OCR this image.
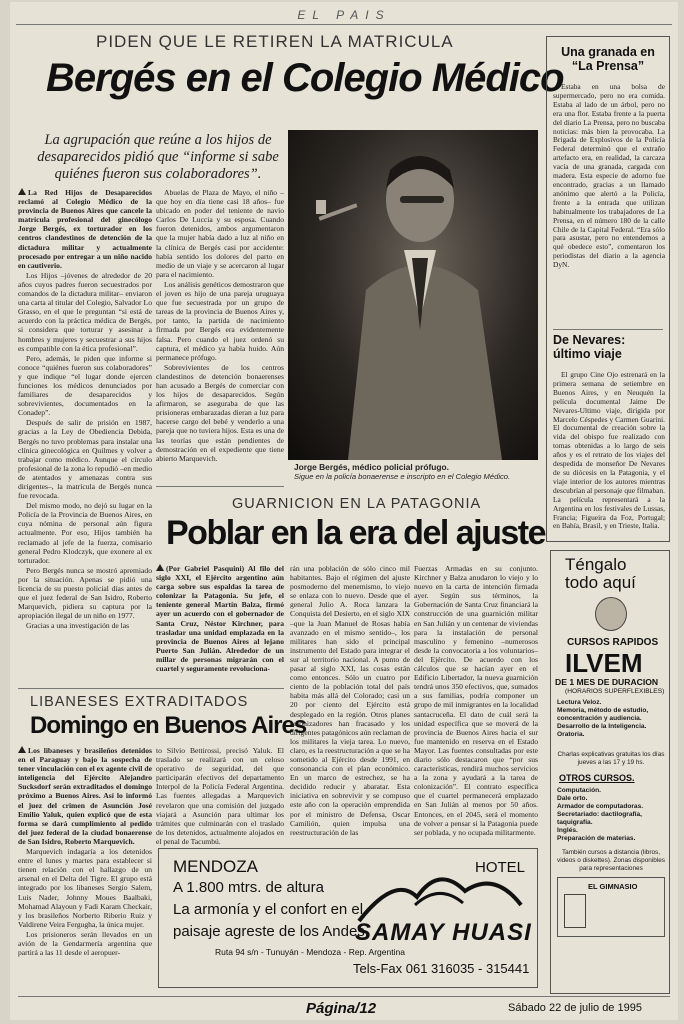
EL PAIS
PIDEN QUE LE RETIREN LA MATRICULA
Bergés en el Colegio Médico
La agrupación que reúne a los hijos de desaparecidos pidió que “informe si sabe quiénes fueron sus colaboradores”.

La Red Hijos de Desaparecidos reclamó al Colegio Médico de la provincia de Buenos Aires que cancele la matrícula profesional del ginecólogo Jorge Bergés, ex torturador en los centros clandestinos de detención de la dictadura militar y actualmente procesado por entregar a un niño nacido en cautiverio.

Los Hijos –jóvenes de alrededor de 20 años cuyos padres fueron secuestrados por comandos de la dictadura militar– enviaron una carta al titular del Colegio, Salvador Lo Grasso, en el que le preguntan “si está de acuerdo con la práctica médica de Bergés, si considera que torturar y asesinar a hombres y mujeres y secuestrar a sus hijos es compatible con la ética profesional”.

Pero, además, le piden que informe si conoce “quiénes fueron sus colaboradores” y que indique “el lugar donde ejercen funciones los médicos denunciados por familiares de desaparecidos y sobrevivientes, documentados en la Conadep”.

Después de salir de prisión en 1987, gracias a la Ley de Obediencia Debida, Bergés no tuvo problemas para instalar una clínica ginecológica en Quilmes y volver a trabajar como médico. Aunque el círculo profesional de la zona lo repudió –en medio de atentados y amenazas contra sus dirigentes–, la matrícula de Bergés nunca fue revocada.

Del mismo modo, no dejó su lugar en la Policía de la Provincia de Buenos Aires, en cuya nómina de personal aún figura actualmente. Por eso, Hijos también ha reclamado al jefe de la fuerza, comisario general Pedro Klodczyk, que exonere al ex torturador.

Pero Bergés nunca se mostró apremiado por la situación. Apenas se pidió una licencia de su puesto policial días antes de que el juez federal de San Isidro, Roberto Marquevich, pidiera su captura por la apropiación ilegal de un niño en 1977.

Gracias a una investigación de las

Abuelas de Plaza de Mayo, el niño –que hoy en día tiene casi 18 años– fue ubicado en poder del teniente de navío Carlos De Luccia y su esposa. Cuando fueron detenidos, ambos argumentaron que la mujer había dado a luz al niño en la clínica de Bergés casi por accidente: había sentido los dolores del parto en medio de un viaje y se acercaron al lugar para el nacimiento.

Los análisis genéticos demostraron que el joven es hijo de una pareja uruguaya que fue secuestrada por un grupo de tareas de la provincia de Buenos Aires y, por tanto, la partida de nacimiento firmada por Bergés era evidentemente falsa. Pero cuando el juez ordenó su captura, el médico ya había huido. Aún permanece prófugo.

Sobrevivientes de los centros clandestinos de detención bonaerenses han acusado a Bergés de comerciar con los hijos de desaparecidos. Según afirmaron, se aseguraba de que las prisioneras embarazadas dieran a luz para hacerse cargo del bebé y venderlo a una pareja que no tuviera hijos. Esta es una de las teorías que están pendientes de demostración en el expediente que tiene abierto Marquevich.

Jorge Bergés, médico policial prófugo.
Sigue en la policía bonaerense e inscripto en el Colegio Médico.
Una granada en “La Prensa”

Estaba en una bolsa de supermercado, pero no era comida. Estaba al lado de un árbol, pero no era una flor. Estaba frente a la puerta del diario La Prensa, pero no buscaba noticias: más bien la provocaba. La Brigada de Explosivos de la Policía Federal determinó que el extraño artefacto era, en realidad, la carcaza vacía de una granada, cargada con madera. Esta especie de adorno fue encontrado, gracias a un llamado anónimo que alertó a la Policía, frente a la entrada que utilizan habitualmente los trabajadores de La Prensa, en el número 180 de la calle Chile de la Capital Federal. “Era sólo para asustar, pero no entendemos a qué obedece esto”, comentaron los periodistas del diario a la agencia DyN.

De Nevares: último viaje

El grupo Cine Ojo estrenará en la primera semana de setiembre en Buenos Aires, y en Neuquén la película documental Jaime De Nevares-Ultimo viaje, dirigida por Marcelo Céspedes y Carmen Guarini. El documental de creación sobre la vida del obispo fue realizado con tomas obtenidas a lo largo de seis años y es el retrato de los viajes del despedida de monseñor De Nevares de su diócesis en la Patagonia, y el viaje interior de los autores mientras descubrían al personaje que filmaban. La película representará a la Argentina en los festivales de Lussas, Francia; Figueira da Foz, Portugal; en Bahía, Brasil, y en Trieste, Italia.

GUARNICION EN LA PATAGONIA
Poblar en la era del ajuste

(Por Gabriel Pasquini) Al filo del siglo XXI, el Ejército argentino aún carga sobre sus espaldas la tarea de colonizar la Patagonia. Su jefe, el teniente general Martín Balza, firmó ayer un acuerdo con el gobernador de Santa Cruz, Néstor Kirchner, para trasladar una unidad emplazada en la provincia de Buenos Aires al lejano Puerto San Julián. Alrededor de un millar de personas migrarán con el cuartel y seguramente revoluciona-

rán una población de sólo cinco mil habitantes. Bajo el régimen del ajuste posmoderno del menemismo, lo viejo se enlaza con lo nuevo. Desde que el general Julio A. Roca lanzara la Conquista del Desierto, en el siglo XIX –que la Juan Manuel de Rosas había avanzado en el mismo sentido–, los militares han sido el principal instrumento del Estado para integrar el sur al territorio nacional. A punto de pasar al siglo XXI, las cosas están como entonces. Sólo un cuatro por ciento de la población total del país habita más allá del Colorado; casi un 20 por ciento del Ejército está desplegado en la región. Otros planes colonizadores han fracasado y los dirigentes patagónicos aún reclaman de los militares la vieja tarea. Lo nuevo, claro, es la reestructuración a que se ha sometido al Ejército desde 1991, en consonancia con el plan económico. En un marco de estrechez, se ha decidido reducir y abaratar. Esta iniciativa en sobrevivir y se compuso este año con la operación emprendida por el ministro de Defensa, Oscar Camilión, quien impulsa una reestructuración de las

Fuerzas Armadas en su conjunto. Kirchner y Balza anudaron lo viejo y lo nuevo en la carta de intención firmada ayer. Según sus términos, la Gobernación de Santa Cruz financiará la construcción de una guarnición militar en San Julián y un centenar de viviendas para la instalación de personal masculino y femenino –numerosos desde la convocatoria a los voluntarios– del Ejército. De acuerdo con los cálculos que se hacían ayer en el Edificio Libertador, la nueva guarnición tendrá unos 350 efectivos, que, sumados a sus familias, podría componer un grupo de mil inmigrantes en la localidad santacruceña. El dato de cuál será la unidad específica que se moverá de la provincia de Buenos Aires hacia el sur fue mantenido en reserva en el Estado Mayor. Las fuentes consultadas por este diario sólo destacaron que “por sus características, rendirá muchos servicios a la zona y ayudará a la tarea de colonización”. El contrato específica que el cuartel permanecerá emplazado en San Julián al menos por 50 años. Entonces, en el 2045, será el momento de volver a pensar si la Patagonia puede ser poblada, y no ocupada militarmente.

LIBANESES EXTRADITADOS
Domingo en Buenos Aires

Los libaneses y brasileños detenidos en el Paraguay y bajo la sospecha de tener vinculación con el ex agente civil de inteligencia del Ejército Alejandro Sucksdorf serán extraditados el domingo próximo a Buenos Aires. Así lo informó el juez del crimen de Asunción José Emilio Yaluk, quien explicó que de esta forma se dará cumplimiento al pedido del juez federal de la ciudad bonaerense de San Isidro, Roberto Marquevich.

Marquevich indagaría a los detenidos entre el lunes y martes para establecer si tienen relación con el hallazgo de un arsenal en el Delta del Tigre. El grupo está integrado por los libaneses Sergio Salem, Luis Nader, Johnny Moues Baalbaki, Mohamad Alayoun y Fadi Karam Checkair, y los brasileños Norberto Riberio Ruiz y Valdirene Veira Fergugha, la única mujer.

Los prisioneros serán llevados en un avión de la Gendarmería argentina que partirá a las 11 desde el aeropuer-

to Silvio Bettirossi, precisó Yaluk. El traslado se realizará con un celoso operativo de seguridad, del que participarán efectivos del departamento Interpol de la Policía Federal Argentina. Las fuentes allegadas a Marquevich revelaron que una comisión del juzgado viajará a Asunción para ultimar los trámites que culminarán con el traslado de los detenidos, actualmente alojados en el penal de Tacumbú.

MENDOZA
A 1.800 mtrs. de altura
La armonía y el confort en el
paisaje agreste de los Andes.
Ruta 94 s/n - Tunuyán - Mendoza - Rep. Argentina
HOTEL
SAMAY HUASI
Tels-Fax 061 316035 - 315441
Téngalo
todo aquí
CURSOS RAPIDOS
ILVEM
DE 1 MES DE DURACION
(HORARIOS SUPERFLEXIBLES)
Lectura Veloz.
Memoria, método de estudio, concentración y audiencia.
Desarrollo de la Inteligencia.
Oratoria.
Charlas explicativas gratuitas los días jueves a las 17 y 19 hs.
OTROS CURSOS.
Computación.
Dale orto.
Armador de computadoras.
Secretariado: dactilografía, taquigrafía.
Inglés.
Preparación de materias.
También cursos a distancia (libros, videos o diskettes). Zonas disponibles para representaciones
EL GIMNASIO
Página/12	Sábado 22 de julio de 1995
